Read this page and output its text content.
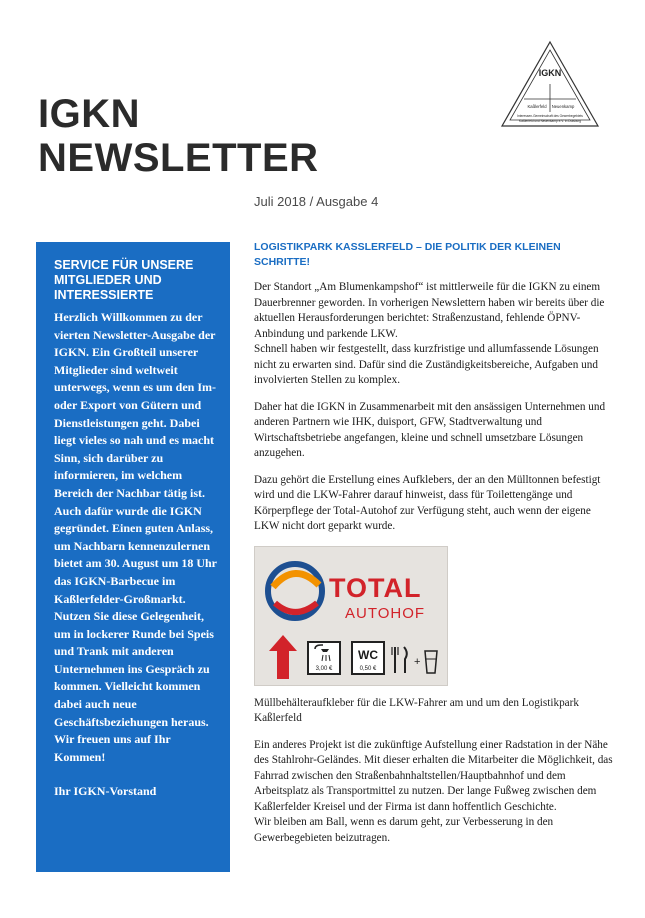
IGKN
NEWSLETTER
Juli 2018 / Ausgabe 4
IGKN
Kaßlerfeld Neuenkamp
Interessen-Gemeinschaft des Gewerbegebiets
Kaßlerfeld und Neuenkamp e.V. in Duisburg
SERVICE FÜR UNSERE MITGLIEDER UND INTERESSIERTE

Herzlich Willkommen zu der vierten Newsletter-Ausgabe der IGKN. Ein Großteil unserer Mitglieder sind weltweit unterwegs, wenn es um den Im- oder Export von Gütern und Dienstleistungen geht. Dabei liegt vieles so nah und es macht Sinn, sich darüber zu informieren, im welchem Bereich der Nachbar tätig ist. Auch dafür wurde die IGKN gegründet. Einen guten Anlass, um Nachbarn kennenzulernen bietet am 30. August um 18 Uhr das IGKN-Barbecue im Kaßlerfelder-Großmarkt. Nutzen Sie diese Gelegenheit, um in lockerer Runde bei Speis und Trank mit anderen Unternehmen ins Gespräch zu kommen. Vielleicht kommen dabei auch neue Geschäftsbeziehungen heraus.

Wir freuen uns auf Ihr Kommen!

Ihr IGKN-Vorstand

LOGISTIKPARK KASSLERFELD – DIE POLITIK DER KLEINEN SCHRITTE!

Der Standort „Am Blumenkampshof“ ist mittlerweile für die IGKN zu einem Dauerbrenner geworden. In vorherigen Newslettern haben wir bereits über die aktuellen Herausforderungen berichtet: Straßenzustand, fehlende ÖPNV-Anbindung und parkende LKW.
Schnell haben wir festgestellt, dass kurzfristige und allumfassende Lösungen nicht zu erwarten sind. Dafür sind die Zuständigkeitsbereiche, Aufgaben und involvierten Stellen zu komplex.

Daher hat die IGKN in Zusammenarbeit mit den ansässigen Unternehmen und anderen Partnern wie IHK, duisport, GFW, Stadtverwaltung und Wirtschaftsbetriebe angefangen, kleine und schnell umsetzbare Lösungen anzugehen.

Dazu gehört die Erstellung eines Aufklebers, der an den Mülltonnen befestigt wird und die LKW-Fahrer darauf hinweist, dass für Toilettengänge und Körperpflege der Total-Autohof zur Verfügung steht, auch wenn der eigene LKW nicht dort geparkt wurde.

TOTAL
AUTOHOF
3,00 €
WC
0,50 €
+

Müllbehälteraufkleber für die LKW-Fahrer am und um den Logistikpark Kaßlerfeld

Ein anderes Projekt ist die zukünftige Aufstellung einer Radstation in der Nähe des Stahlrohr-Geländes. Mit dieser erhalten die Mitarbeiter die Möglichkeit, das Fahrrad zwischen den Straßenbahnhaltstellen/Hauptbahnhof und dem Arbeitsplatz als Transportmittel zu nutzen. Der lange Fußweg zwischen dem Kaßlerfelder Kreisel und der Firma ist dann hoffentlich Geschichte.
Wir bleiben am Ball, wenn es darum geht, zur Verbesserung in den Gewerbegebieten beizutragen.
